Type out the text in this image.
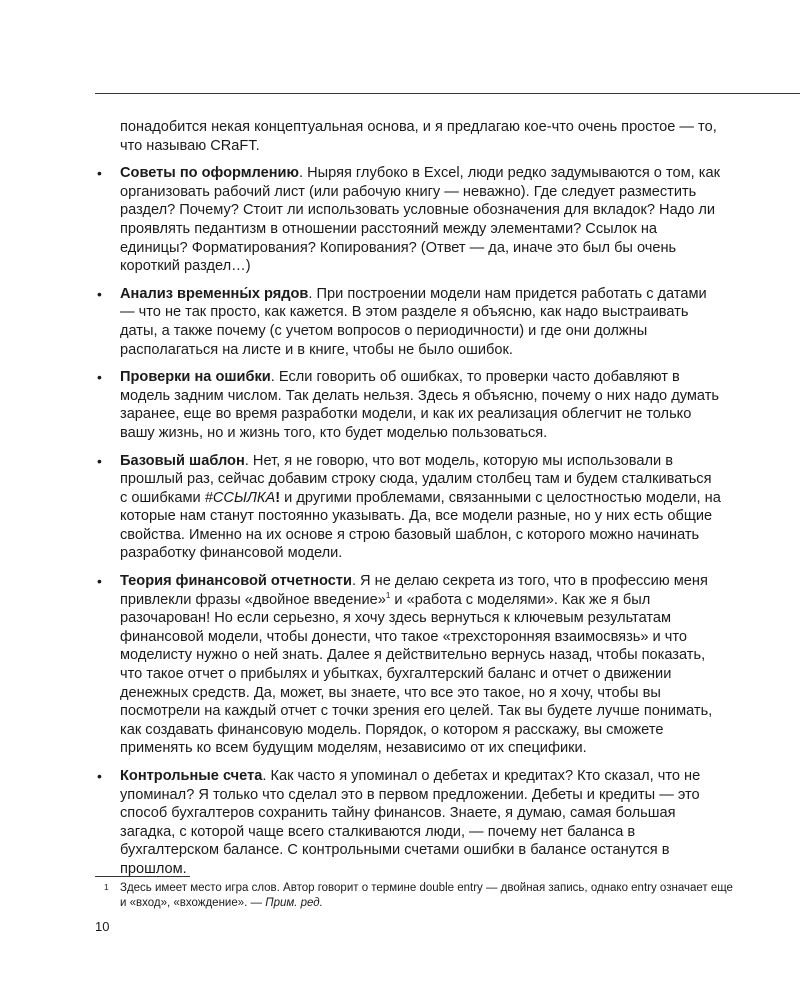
понадобится некая концептуальная основа, и я предлагаю кое-что очень простое — то, что называю CRaFT.

• Советы по оформлению. Ныряя глубоко в Excel, люди редко задумываются о том, как организовать рабочий лист (или рабочую книгу — неважно). Где следует разместить раздел? Почему? Стоит ли использовать условные обозначения для вкладок? Надо ли проявлять педантизм в отношении расстояний между элементами? Ссылок на единицы? Форматирования? Копирования? (Ответ — да, иначе это был бы очень короткий раздел…)
• Анализ временны́х рядов. При построении модели нам придется работать с датами — что не так просто, как кажется. В этом разделе я объясню, как надо выстраивать даты, а также почему (с учетом вопросов о периодичности) и где они должны располагаться на листе и в книге, чтобы не было ошибок.
• Проверки на ошибки. Если говорить об ошибках, то проверки часто добавляют в модель задним числом. Так делать нельзя. Здесь я объясню, почему о них надо думать заранее, еще во время разработки модели, и как их реализация облегчит не только вашу жизнь, но и жизнь того, кто будет моделью пользоваться.
• Базовый шаблон. Нет, я не говорю, что вот модель, которую мы использовали в прошлый раз, сейчас добавим строку сюда, удалим столбец там и будем сталкиваться с ошибками #ССЫЛКА! и другими проблемами, связанными с целостностью модели, на которые нам станут постоянно указывать. Да, все модели разные, но у них есть общие свойства. Именно на их основе я строю базовый шаблон, с которого можно начинать разработку финансовой модели.
• Теория финансовой отчетности. Я не делаю секрета из того, что в профессию меня привлекли фразы «двойное введение»$^1$ и «работа с моделями». Как же я был разочарован! Но если серьезно, я хочу здесь вернуться к ключевым результатам финансовой модели, чтобы донести, что такое «трехсторонняя взаимосвязь» и что моделисту нужно о ней знать. Далее я действительно вернусь назад, чтобы показать, что такое отчет о прибылях и убытках, бухгалтерский баланс и отчет о движении денежных средств. Да, может, вы знаете, что все это такое, но я хочу, чтобы вы посмотрели на каждый отчет с точки зрения его целей. Так вы будете лучше понимать, как создавать финансовую модель. Порядок, о котором я расскажу, вы сможете применять ко всем будущим моделям, независимо от их специфики.
• Контрольные счета. Как часто я упоминал о дебетах и кредитах? Кто сказал, что не упоминал? Я только что сделал это в первом предложении. Дебеты и кредиты — это способ бухгалтеров сохранить тайну финансов. Знаете, я думаю, самая большая загадка, с которой чаще всего сталкиваются люди, — почему нет баланса в бухгалтерском балансе. С контрольными счетами ошибки в балансе останутся в прошлом.
1 Здесь имеет место игра слов. Автор говорит о термине double entry — двойная запись, однако entry означает еще и «вход», «вхождение». — Прим. ред.
10
